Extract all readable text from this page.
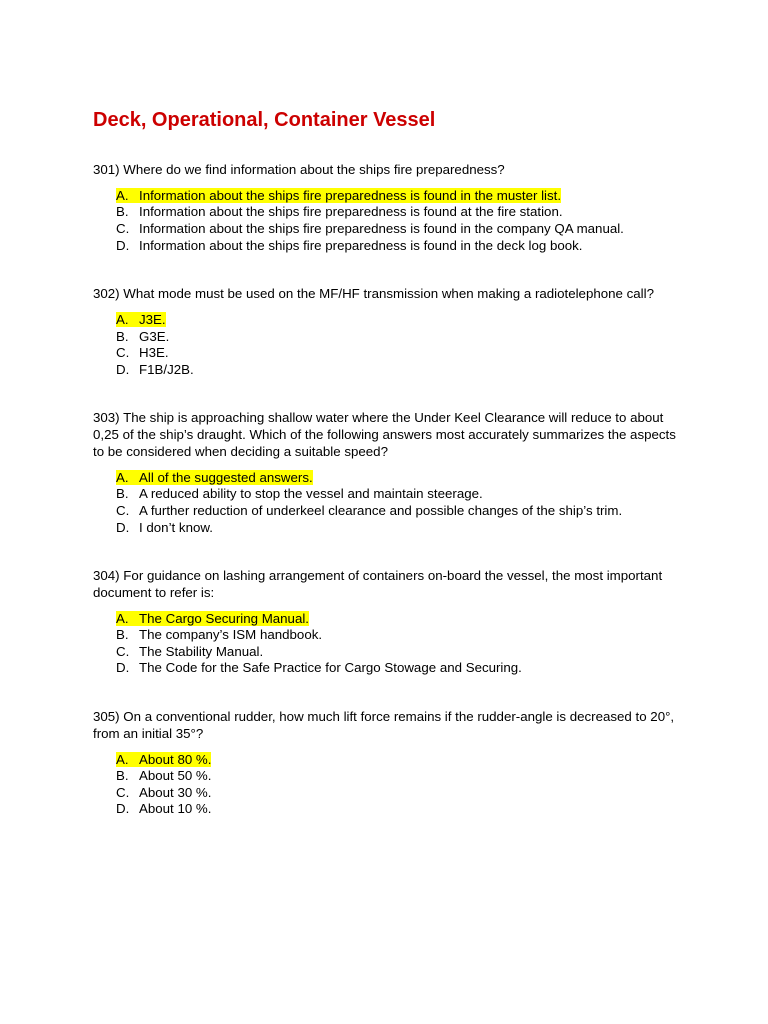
Deck, Operational, Container Vessel

301) Where do we find information about the ships fire preparedness?

A. Information about the ships fire preparedness is found in the muster list.
B. Information about the ships fire preparedness is found at the fire station.
C. Information about the ships fire preparedness is found in the company QA manual.
D. Information about the ships fire preparedness is found in the deck log book.

302) What mode must be used on the MF/HF transmission when making a radiotelephone call?

A. J3E.
B. G3E.
C. H3E.
D. F1B/J2B.

303) The ship is approaching shallow water where the Under Keel Clearance will reduce to about 0,25 of the ship’s draught. Which of the following answers most accurately summarizes the aspects to be considered when deciding a suitable speed?

A. All of the suggested answers.
B. A reduced ability to stop the vessel and maintain steerage.
C. A further reduction of underkeel clearance and possible changes of the ship’s trim.
D. I don’t know.

304) For guidance on lashing arrangement of containers on-board the vessel, the most important document to refer is:

A. The Cargo Securing Manual.
B. The company’s ISM handbook.
C. The Stability Manual.
D. The Code for the Safe Practice for Cargo Stowage and Securing.

305) On a conventional rudder, how much lift force remains if the rudder-angle is decreased to 20°, from an initial 35°?

A. About 80 %.
B. About 50 %.
C. About 30 %.
D. About 10 %.
